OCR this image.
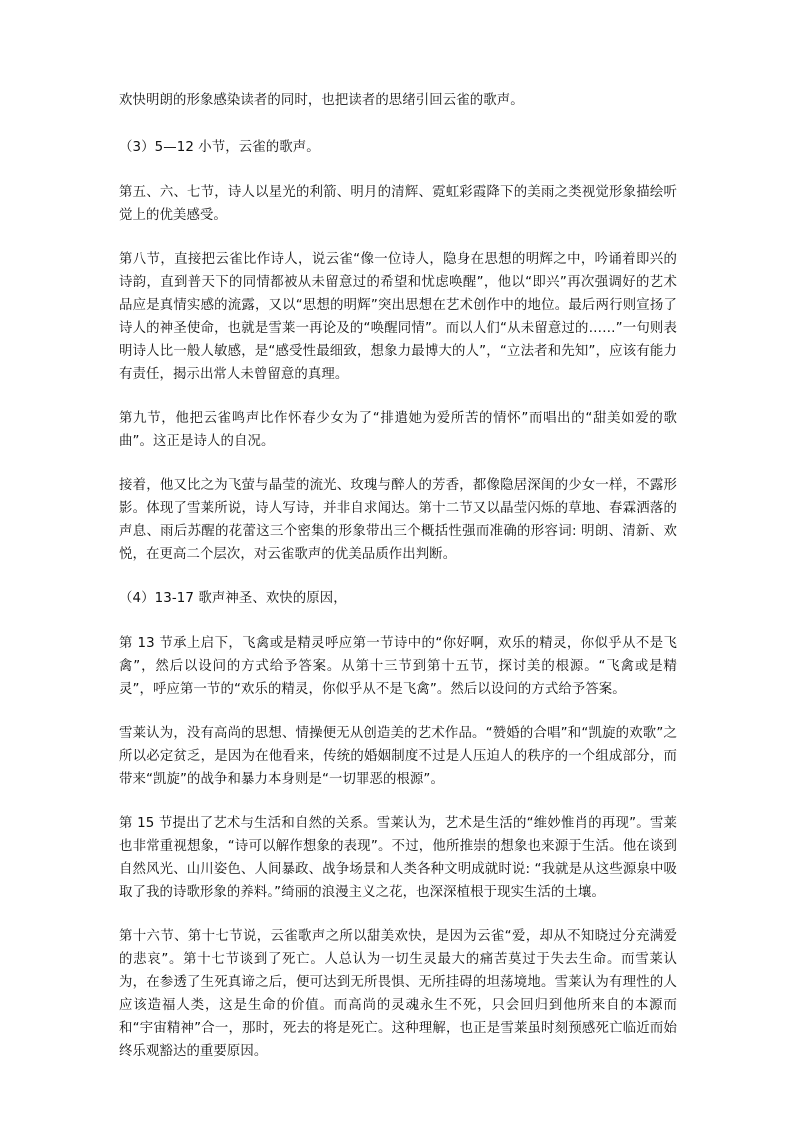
欢快明朗的形象感染读者的同时，也把读者的思绪引回云雀的歌声。

（3）5—12 小节，云雀的歌声。

第五、六、七节，诗人以星光的利箭、明月的清辉、霓虹彩霞降下的美雨之类视觉形象描绘听觉上的优美感受。

第八节，直接把云雀比作诗人，说云雀“像一位诗人，隐身在思想的明辉之中，吟诵着即兴的诗韵，直到普天下的同情都被从未留意过的希望和忧虑唤醒”，他以“即兴”再次强调好的艺术品应是真情实感的流露，又以“思想的明辉”突出思想在艺术创作中的地位。最后两行则宣扬了诗人的神圣使命，也就是雪莱一再论及的“唤醒同情”。而以人们“从未留意过的……”一句则表明诗人比一般人敏感，是“感受性最细致，想象力最博大的人”，“立法者和先知”，应该有能力有责任，揭示出常人未曾留意的真理。

第九节，他把云雀鸣声比作怀春少女为了“排遣她为爱所苦的情怀”而唱出的“甜美如爱的歌曲”。这正是诗人的自况。

接着，他又比之为飞萤与晶莹的流光、玫瑰与醉人的芳香，都像隐居深闺的少女一样，不露形影。体现了雪莱所说，诗人写诗，并非自求闻达。第十二节又以晶莹闪烁的草地、春霖洒落的声息、雨后苏醒的花蕾这三个密集的形象带出三个概括性强而准确的形容词: 明朗、清新、欢悦，在更高二个层次，对云雀歌声的优美品质作出判断。

（4）13-17 歌声神圣、欢快的原因，

第 13 节承上启下，飞禽或是精灵呼应第一节诗中的“你好啊，欢乐的精灵，你似乎从不是飞禽”，然后以设问的方式给予答案。从第十三节到第十五节，探讨美的根源。“飞禽或是精灵”，呼应第一节的“欢乐的精灵，你似乎从不是飞禽”。然后以设问的方式给予答案。

雪莱认为，没有高尚的思想、情操便无从创造美的艺术作品。“赞婚的合唱”和“凯旋的欢歌”之所以必定贫乏，是因为在他看来，传统的婚姻制度不过是人压迫人的秩序的一个组成部分，而带来“凯旋”的战争和暴力本身则是“一切罪恶的根源”。

第 15 节提出了艺术与生活和自然的关系。雪莱认为，艺术是生活的“维妙惟肖的再现”。雪莱也非常重视想象，“诗可以解作想象的表现”。不过，他所推崇的想象也来源于生活。他在谈到自然风光、山川姿色、人间暴政、战争场景和人类各种文明成就时说: “我就是从这些源泉中吸取了我的诗歌形象的养料。”绮丽的浪漫主义之花，也深深植根于现实生活的土壤。

第十六节、第十七节说，云雀歌声之所以甜美欢快，是因为云雀“爱，却从不知晓过分充满爱的悲哀”。第十七节谈到了死亡。人总认为一切生灵最大的痛苦莫过于失去生命。而雪莱认为，在参透了生死真谛之后，便可达到无所畏惧、无所挂碍的坦荡境地。雪莱认为有理性的人应该造福人类，这是生命的价值。而高尚的灵魂永生不死，只会回归到他所来自的本源而和“宇宙精神”合一，那时，死去的将是死亡。这种理解，也正是雪莱虽时刻预感死亡临近而始终乐观豁达的重要原因。
